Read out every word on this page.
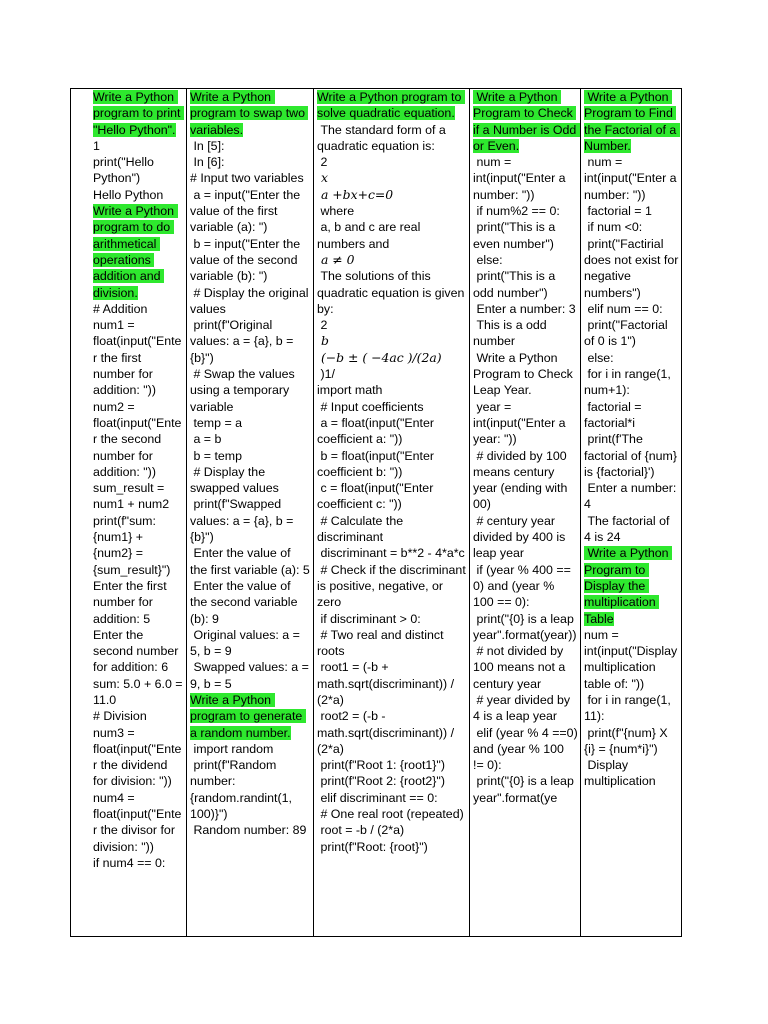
Write a Python program to print "Hello Python".
1
print("Hello Python")
Hello Python
Write a Python program to do arithmetical operations addition and division.
# Addition
num1 = float(input("Enter the first number for addition: "))
num2 = float(input("Enter the second number for addition: "))
sum_result = num1 + num2
print(f"sum: {num1} + {num2} = {sum_result}")
Enter the first number for addition: 5
Enter the second number for addition: 6
sum: 5.0 + 6.0 = 11.0
# Division
num3 = float(input("Enter the dividend for division: "))
num4 = float(input("Enter the divisor for division: "))
if num4 == 0:
Write a Python program to swap two variables.
In [5]:
In [6]:
# Input two variables
a = input("Enter the value of the first variable (a): ")
b = input("Enter the value of the second variable (b): ")
# Display the original values
print(f"Original values: a = {a}, b = {b}")
# Swap the values using a temporary variable
temp = a
a = b
b = temp
# Display the swapped values
print(f"Swapped values: a = {a}, b = {b}")
Enter the value of the first variable (a): 5
Enter the value of the second variable (b): 9
Original values: a = 5, b = 9
Swapped values: a = 9, b = 5
Write a Python program to generate a random number.
import random
print(f"Random number: {random.randint(1, 100)}")
Random number: 89
Write a Python program to solve quadratic equation.
The standard form of a quadratic equation is:
2
x
a +bx+c=0
where
a, b and c are real numbers and
a ≠ 0
The solutions of this quadratic equation is given by:
2
b
(−b ± ( −4ac )/(2a)
)1/
import math
# Input coefficients
a = float(input("Enter coefficient a: "))
b = float(input("Enter coefficient b: "))
c = float(input("Enter coefficient c: "))
# Calculate the discriminant
discriminant = b**2 - 4*a*c
# Check if the discriminant is positive, negative, or zero
if discriminant > 0:
# Two real and distinct roots
root1 = (-b + math.sqrt(discriminant)) / (2*a)
root2 = (-b - math.sqrt(discriminant)) / (2*a)
print(f"Root 1: {root1}")
print(f"Root 2: {root2}")
elif discriminant == 0:
# One real root (repeated)
root = -b / (2*a)
print(f"Root: {root}")
Write a Python Program to Check if a Number is Odd or Even.
num = int(input("Enter a number: "))
if num%2 == 0:
print("This is a even number")
else:
print("This is a odd number")
Enter a number: 3
This is a odd number
Write a Python Program to Check Leap Year.
year = int(input("Enter a year: "))
# divided by 100 means century year (ending with 00)
# century year divided by 400 is leap year
if (year % 400 == 0) and (year % 100 == 0):
print("{0} is a leap year".format(year))
# not divided by 100 means not a century year
# year divided by 4 is a leap year
elif (year % 4 ==0) and (year % 100 != 0):
print("{0} is a leap year".format(ye
Write a Python Program to Find the Factorial of a Number.
num = int(input("Enter a number: "))
factorial = 1
if num <0:
print("Factirial does not exist for negative numbers")
elif num == 0:
print("Factorial of 0 is 1")
else:
for i in range(1, num+1):
factorial = factorial*i
print(f'The factorial of {num} is {factorial}')
Enter a number: 4
The factorial of 4 is 24
Write a Python Program to Display the multiplication Table
num = int(input("Display multiplication table of: "))
for i in range(1, 11):
print(f"{num} X {i} = {num*i}")
Display multiplication
